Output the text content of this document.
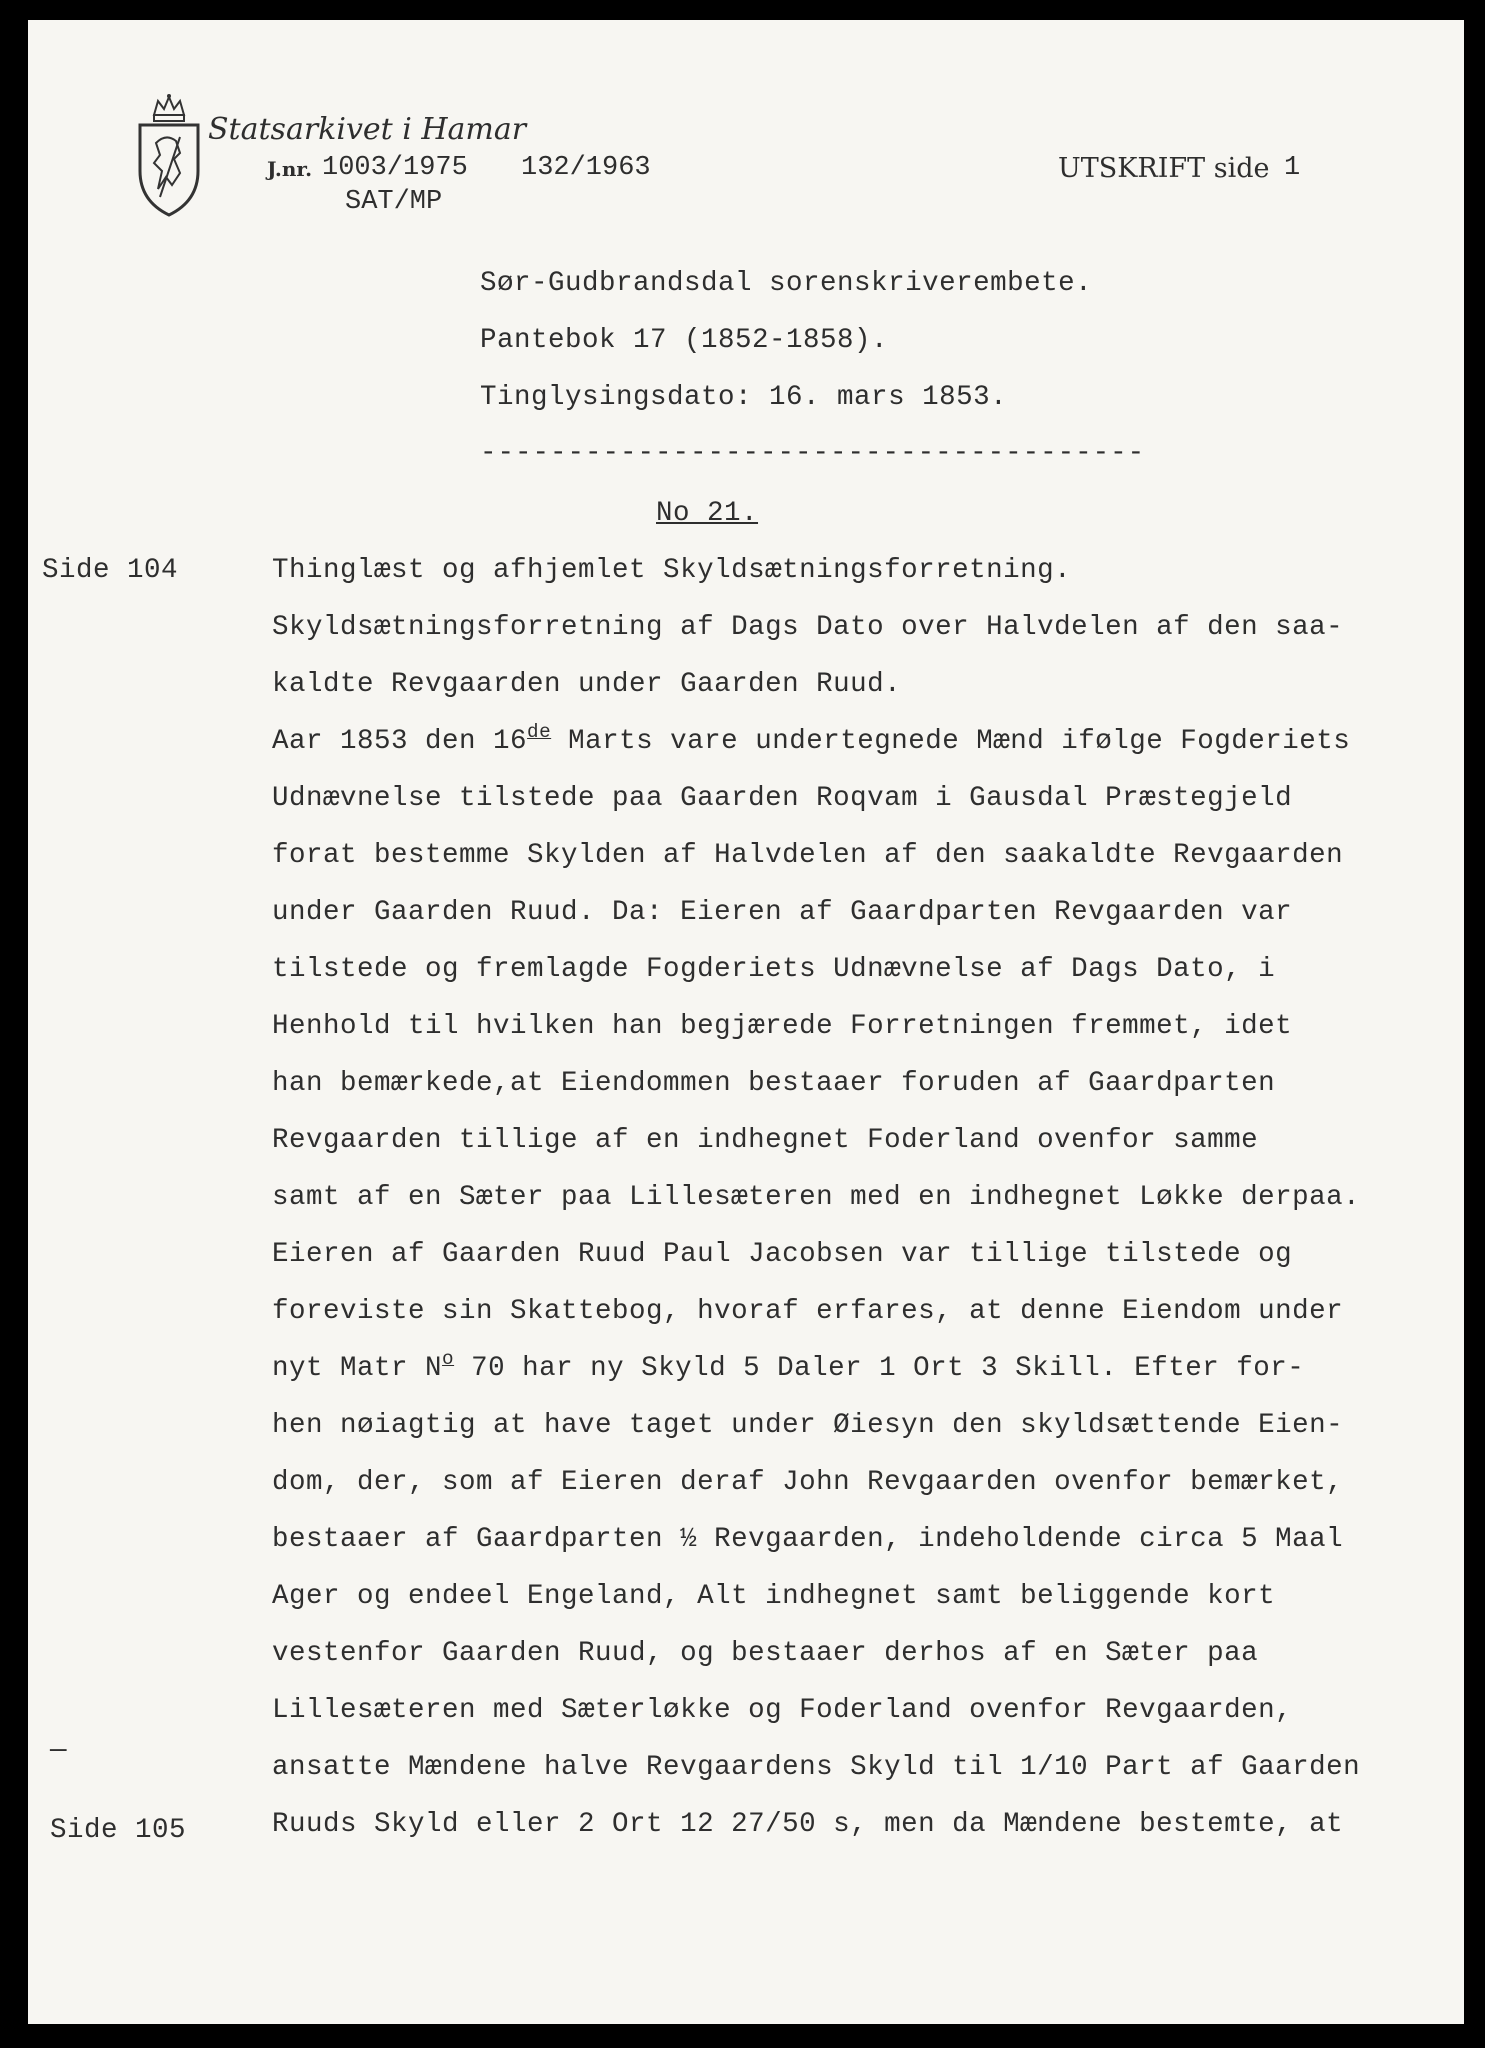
Statsarkivet i Hamar
J.nr. 1003/1975 132/1963
SAT/MP
UTSKRIFT side 1
Sør-Gudbrandsdal sorenskriverembete.
Pantebok 17 (1852-1858).
Tinglysingsdato: 16. mars 1853.
--------------------------------------
No 21.
Side 104
—
Side 105
Thinglæst og afhjemlet Skyldsætningsforretning.
Skyldsætningsforretning af Dags Dato over Halvdelen af den saa-
kaldte Revgaarden under Gaarden Ruud.
Aar 1853 den 16de Marts vare undertegnede Mænd ifølge Fogderiets
Udnævnelse tilstede paa Gaarden Roqvam i Gausdal Præstegjeld
forat bestemme Skylden af Halvdelen af den saakaldte Revgaarden
under Gaarden Ruud. Da: Eieren af Gaardparten Revgaarden var
tilstede og fremlagde Fogderiets Udnævnelse af Dags Dato, i
Henhold til hvilken han begjærede Forretningen fremmet, idet
han bemærkede,at Eiendommen bestaaer foruden af Gaardparten
Revgaarden tillige af en indhegnet Foderland ovenfor samme
samt af en Sæter paa Lillesæteren med en indhegnet Løkke derpaa.
Eieren af Gaarden Ruud Paul Jacobsen var tillige tilstede og
foreviste sin Skattebog, hvoraf erfares, at denne Eiendom under
nyt Matr $N^o$ 70 har ny Skyld 5 Daler 1 Ort 3 Skill. Efter for-
hen nøiagtig at have taget under Øiesyn den skyldsættende Eien-
dom, der, som af Eieren deraf John Revgaarden ovenfor bemærket,
bestaaer af Gaardparten ½ Revgaarden, indeholdende circa 5 Maal
Ager og endeel Engeland, Alt indhegnet samt beliggende kort
vestenfor Gaarden Ruud, og bestaaer derhos af en Sæter paa
Lillesæteren med Sæterløkke og Foderland ovenfor Revgaarden,
ansatte Mændene halve Revgaardens Skyld til 1/10 Part af Gaarden
Ruuds Skyld eller 2 Ort 12 27/50 s, men da Mændene bestemte, at
